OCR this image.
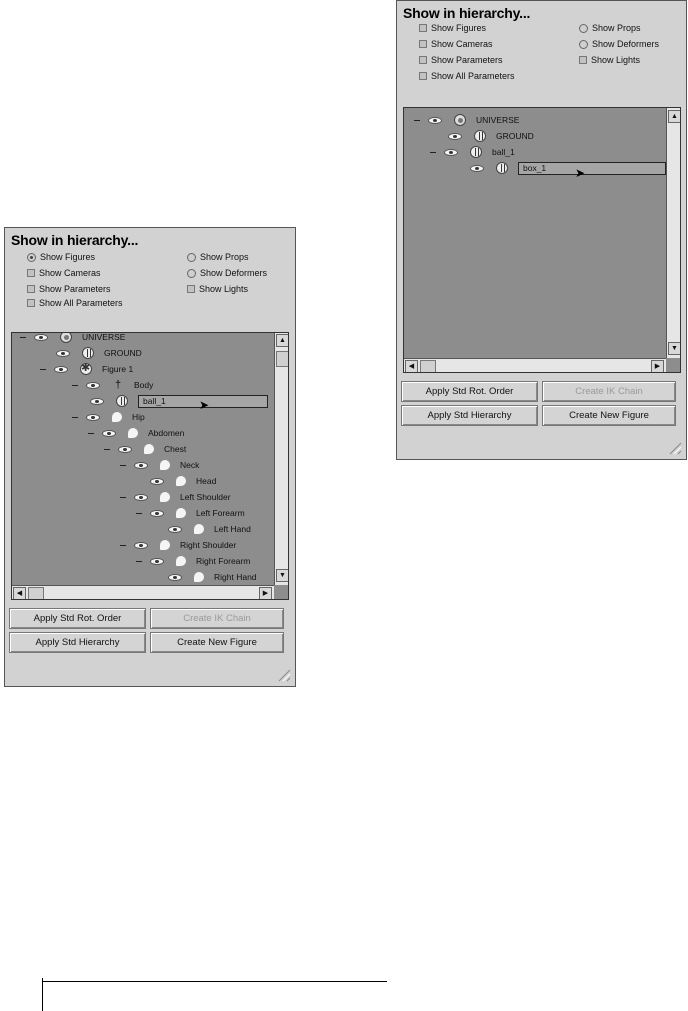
Show in hierarchy...
Show Figures
Show Cameras
Show Parameters
Show All Parameters
Show Props
Show Deformers
Show Lights
UNIVERSE
GROUND
✱
Figure 1
†	Body
ball_1
Hip
Abdomen
Chest
Neck
Head
Left Shoulder
Left Forearm
Left Hand
Right Shoulder
Right Forearm
Right Hand
▲
▼
◀	▶
Apply Std Rot. Order	Create IK Chain
Apply Std Hierarchy	Create New Figure
➤
Show in hierarchy...
Show Figures
Show Cameras
Show Parameters
Show All Parameters
Show Props
Show Deformers
Show Lights
UNIVERSE
GROUND
ball_1
box_1
▲
▼
◀	▶
Apply Std Rot. Order	Create IK Chain
Apply Std Hierarchy	Create New Figure
➤
